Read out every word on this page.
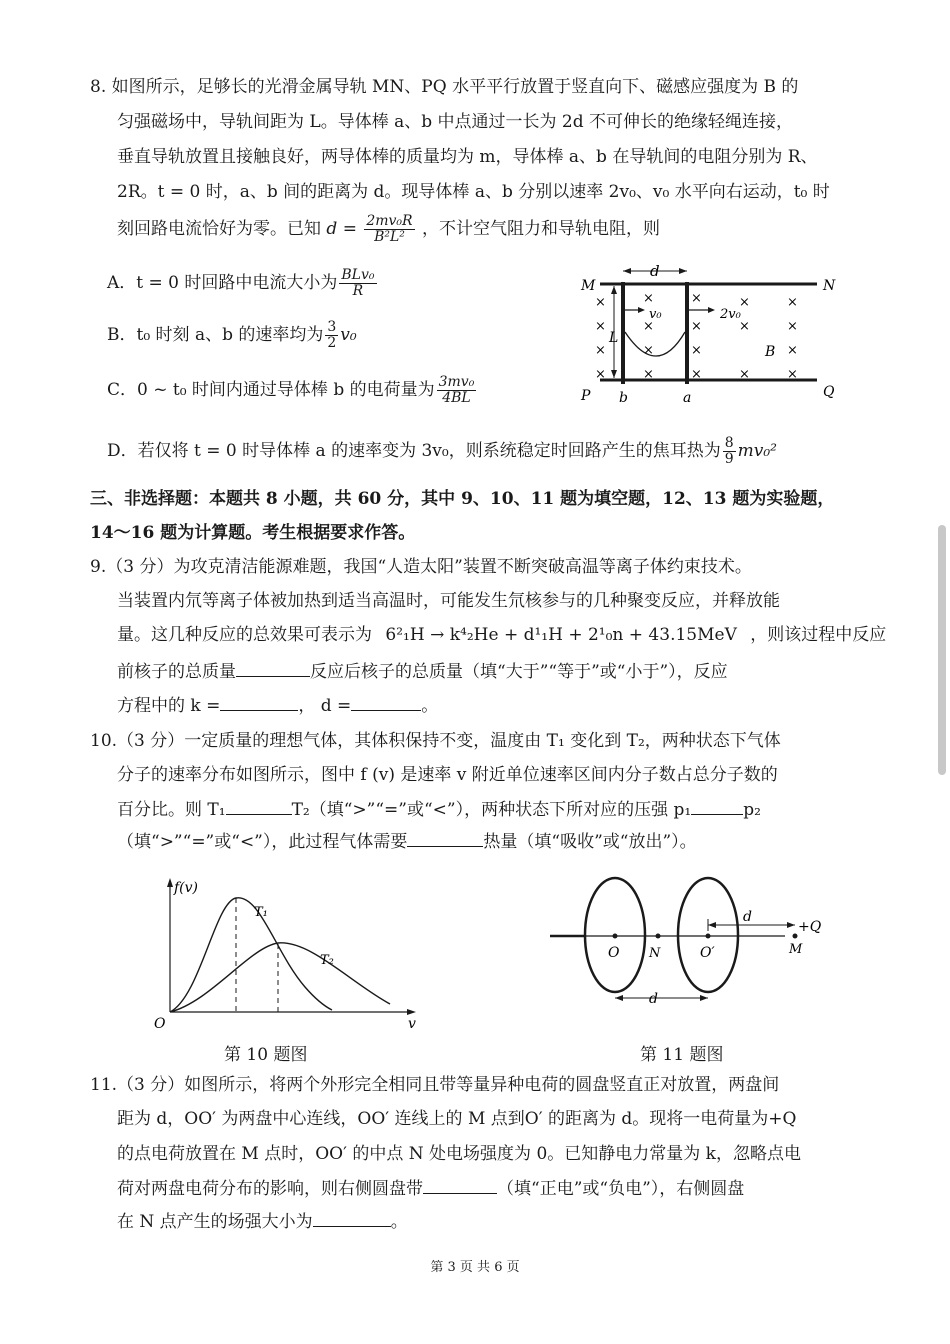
8. 如图所示，足够长的光滑金属导轨 MN、PQ 水平平行放置于竖直向下、磁感应强度为 B 的
匀强磁场中，导轨间距为 L。导体棒 a、b 中点通过一长为 2d 不可伸长的绝缘轻绳连接，
垂直导轨放置且接触良好，两导体棒的质量均为 m，导体棒 a、b 在导轨间的电阻分别为 R、
2R。t = 0 时，a、b 间的距离为 d。现导体棒 a、b 分别以速率 2v₀、v₀ 水平向右运动，t₀ 时
刻回路电流恰好为零。已知 $d = \frac{\text{2mv₀R}}{\text{B²L²}}$ ，不计空气阻力和导轨电阻，则
A．t = 0 时回路中电流大小为 $\frac{\text{BLv₀}}{R}$
B．t₀ 时刻 a、b 的速率均为 $\frac{3}{2} v_0$
C．0 ~ t₀ 时间内通过导体棒 b 的电荷量为 $\frac{\text{3mv₀}}{4BL}$
D．若仅将 t = 0 时导体棒 a 的速率变为 3v₀，则系统稳定时回路产生的焦耳热为 $\frac{8}{9} mv_0^2$
d
L
v₀	2v₀
M	N
P	Q
b	a
B
×
×
×
×
×
×
×
×
×
×
×
×
×
×
×
×
×
×
×
三、非选择题：本题共 8 小题，共 60 分，其中 9、10、11 题为填空题，12、13 题为实验题，
14～16 题为计算题。考生根据要求作答。
9.（3 分）为攻克清洁能源难题，我国“人造太阳”装置不断突破高温等离子体约束技术。
当装置内氘等离子体被加热到适当高温时，可能发生氘核参与的几种聚变反应，并释放能
量。这几种反应的总效果可表示为 6²₁H → k⁴₂He + d¹₁H + 2¹₀n + 43.15MeV ，则该过程中反应
前核子的总质量	反应后核子的总质量（填“大于”“等于”或“小于”），反应
方程中的 k =	， d =	。
10.（3 分）一定质量的理想气体，其体积保持不变，温度由 T₁ 变化到 T₂，两种状态下气体
分子的速率分布如图所示，图中 f (v) 是速率 v 附近单位速率区间内分子数占总分子数的
百分比。则 T₁	T₂（填“>”“=”或“<”），两种状态下所对应的压强 p₁	p₂
（填“>”“=”或“<”），此过程气体需要	热量（填“吸收”或“放出”）。
f(v)
v
O
T₁
T₂
第 10 题图
d
d
+Q
O N	O′	M
第 11 题图
11.（3 分）如图所示，将两个外形完全相同且带等量异种电荷的圆盘竖直正对放置，两盘间
距为 d，OO′ 为两盘中心连线，OO′ 连线上的 M 点到O′ 的距离为 d。现将一电荷量为+Q
的点电荷放置在 M 点时，OO′ 的中点 N 处电场强度为 0。已知静电力常量为 k，忽略点电
荷对两盘电荷分布的影响，则右侧圆盘带	（填“正电”或“负电”），右侧圆盘
在 N 点产生的场强大小为	。
第 3 页 共 6 页
